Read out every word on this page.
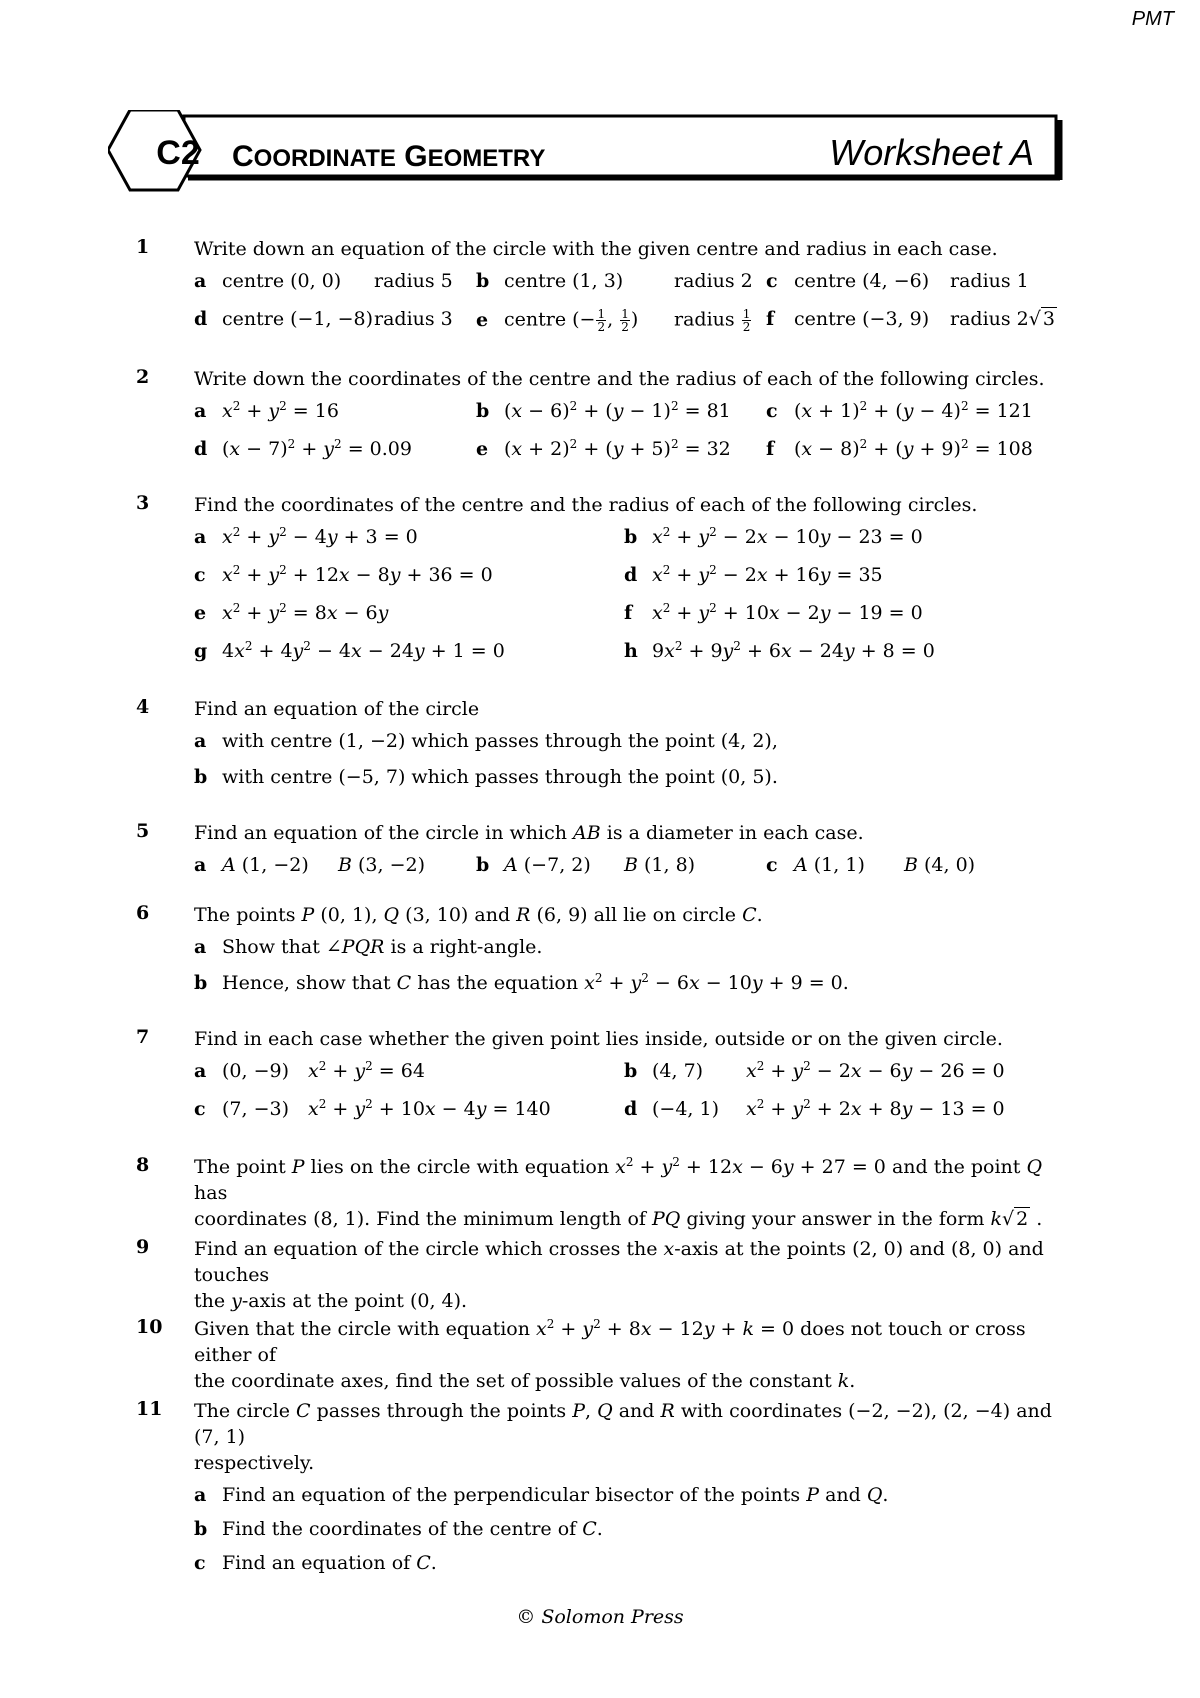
PMT
C2	COORDINATE GEOMETRY	Worksheet A
1	Write down an equation of the circle with the given centre and radius in each case.
a centre (0, 0) radius 5 b centre (1, 3)	radius 2 c centre (4, −6) radius 1
d centre (−1, −8) radius 3 e centre (− $\frac{1}{2}$ , $\frac{1}{2}$ ) radius $\frac{1}{2}$ f centre (−3, 9) radius 2√ 3
2	Write down the coordinates of the centre and the radius of each of the following circles.
a $x^2 + y^2 = 16$	b $(x - 6)^2 + (y - 1)^2 = 81$ c $(x + 1)^2 + (y - 4)^2 = 121$
d $(x - 7)^2 + y^2 = 0.09$	e $(x + 2)^2 + (y + 5)^2 = 32$ f $(x - 8)^2 + (y + 9)^2 = 108$
3	Find the coordinates of the centre and the radius of each of the following circles.
a $x^2 + y^2 - 4y + 3 = 0$	b $x^2 + y^2 - 2x - 10y - 23 = 0$
c $x^2 + y^2 + 12x - 8y + 36 = 0$	d $x^2 + y^2 - 2x + 16y = 35$
e $x^2 + y^2 = 8x - 6y$	f $x^2 + y^2 + 10x - 2y - 19 = 0$
g $4x^2 + 4y^2 - 4x - 24y + 1 = 0$	h $9x^2 + 9y^2 + 6x - 24y + 8 = 0$
4	Find an equation of the circle
a with centre (1, −2) which passes through the point (4, 2),
b with centre (−5, 7) which passes through the point (0, 5).
5	Find an equation of the circle in which AB is a diameter in each case.
a A (1, −2) B (3, −2)	b A (−7, 2) B (1, 8)	c A (1, 1) B (4, 0)
6	The points P (0, 1), Q (3, 10) and R (6, 9) all lie on circle C.
a Show that ∠PQR is a right-angle.
b Hence, show that C has the equation $x^2 + y^2 - 6x - 10y + 9 = 0$.
7	Find in each case whether the given point lies inside, outside or on the given circle.
a (0, −9) $x^2 + y^2 = 64$	b (4, 7) $x^2 + y^2 - 2x - 6y - 26 = 0$
c (7, −3) $x^2 + y^2 + 10x - 4y = 140$	d (−4, 1) $x^2 + y^2 + 2x + 8y - 13 = 0$
8	The point P lies on the circle with equation $x^2 + y^2 + 12x - 6y + 27 = 0$ and the point Q has
coordinates (8, 1). Find the minimum length of PQ giving your answer in the form k√ 2 .
9	Find an equation of the circle which crosses the x-axis at the points (2, 0) and (8, 0) and touches
the y-axis at the point (0, 4).
10	Given that the circle with equation $x^2 + y^2 + 8x - 12y + k = 0$ does not touch or cross either of
the coordinate axes, find the set of possible values of the constant k.
11	The circle C passes through the points P, Q and R with coordinates (−2, −2), (2, −4) and (7, 1)
respectively.
a Find an equation of the perpendicular bisector of the points P and Q.
b Find the coordinates of the centre of C.
c Find an equation of C.
© Solomon Press
